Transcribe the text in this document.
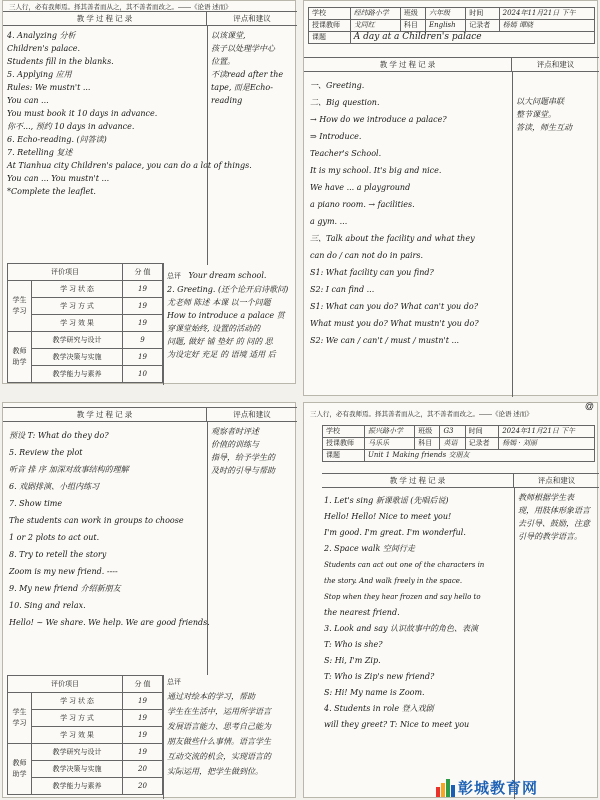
三人行，必有我师焉。择其善者而从之，其不善者而改之。——《论语 述而》
教 学 过 程 记 录	评点和建议
4. Analyzing 分析
Children's palace.
Students fill in the blanks.
5. Applying 应用
Rules: We mustn't ...
You can ...
You must book it 10 days in advance.
你不..., 预约 10 days in advance.
6. Echo-reading. (问答读)
7. Retelling 复述
At Tianhua city Children's palace, you can do a lot of things.
You can ... You mustn't ...
*Complete the leaflet.
以该课堂,
孩子以处理学中心
位置。
不读read after the
tape, 而是Echo-reading
评价项目		分 值
学生
学习	学 习 状 态	19
	学 习 方 式	19
	学 习 效 果	19
教师
助学	教学研究与设计	9
	教学决策与实施	19
	教学能力与素养	10
总评 Your dream school.
2. Greeting. (还个论开启诗歌问)
尤老师 陈述 本课 以一个问题
How to introduce a palace 贯
穿课堂始终, 设置的活动的
问题, 做好 铺 垫好 的 问的 思
为设定好 充足 的 语境 适用 后
学校	经纬路小学	班级	六年级	时间	2024年11月21日 下午
授课教师	戈同红	科目	English	记录者	杨嫣 谭晓
课题	A day at a Children's palace				
教 学 过 程 记 录	评点和建议
一、Greeting.
二、Big question.
→ How do we introduce a palace?
⇒ Introduce.
Teacher's School.
It is my school. It's big and nice.
We have ... a playground
a piano room. → facilities.
a gym. ...
三、Talk about the facility and what they
can do / can not do in pairs.
S1: What facility can you find?
S2: I can find ...
S1: What can you do? What can't you do?
What must you do? What mustn't you do?
S2: We can / can't / must / mustn't ...
以大问题串联
整节课堂。
答读，师生互动
教 学 过 程 记 录	评点和建议
预设 T: What do they do?
5. Review the plot
听音 排 序 加深对故事结构的理解
6. 戏剧排演、小组内练习
7. Show time
The students can work in groups to choose
1 or 2 plots to act out.
8. Try to retell the story
Zoom is my new friend. ----
9. My new friend 介绍新朋友
10. Sing and relax.
Hello! ~ We share. We help. We are good friends.
观察者时评述
价值的训练与
指导，给予学生的
及时的引导与帮助
评价项目		分 值
学生
学习	学 习 状 态	19
	学 习 方 式	19
	学 习 效 果	19
教师
助学	教学研究与设计	19
	教学决策与实施	20
	教学能力与素养	20
总评
通过对绘本的学习，帮助
学生在生活中，运用所学语言
发展语言能力、思考自己能为
朋友做些什么事情。语言学生
互动交流的机会，实现语言的
实际运用，把学生做到位。
@
三人行，必有我师焉。择其善者而从之，其不善者而改之。——《论语 述而》
学校	振兴路小学	班级	G3	时间	2024年11月21日 下午
授课教师	马乐乐	科目	英语	记录者	杨嫣 · 刘丽
课题	Unit 1 Making friends 交朋友				
教 学 过 程 记 录	评点和建议
1. Let's sing 新课歌谣 (先唱后说)
Hello! Hello! Nice to meet you!
I'm good. I'm great. I'm wonderful.
2. Space walk 空间行走
Students can act out one of the characters in
the story. And walk freely in the space.
Stop when they hear frozen and say hello to
the nearest friend.
3. Look and say 认识故事中的角色、表演
T: Who is she?
S: Hi, I'm Zip.
T: Who is Zip's new friend?
S: Hi! My name is Zoom.
4. Students in role 登入戏剧
will they greet? T: Nice to meet you
教师根据学生表
现，用肢体形象语言
去引导、鼓励，注意
引导的教学语言。
彰城教育网
